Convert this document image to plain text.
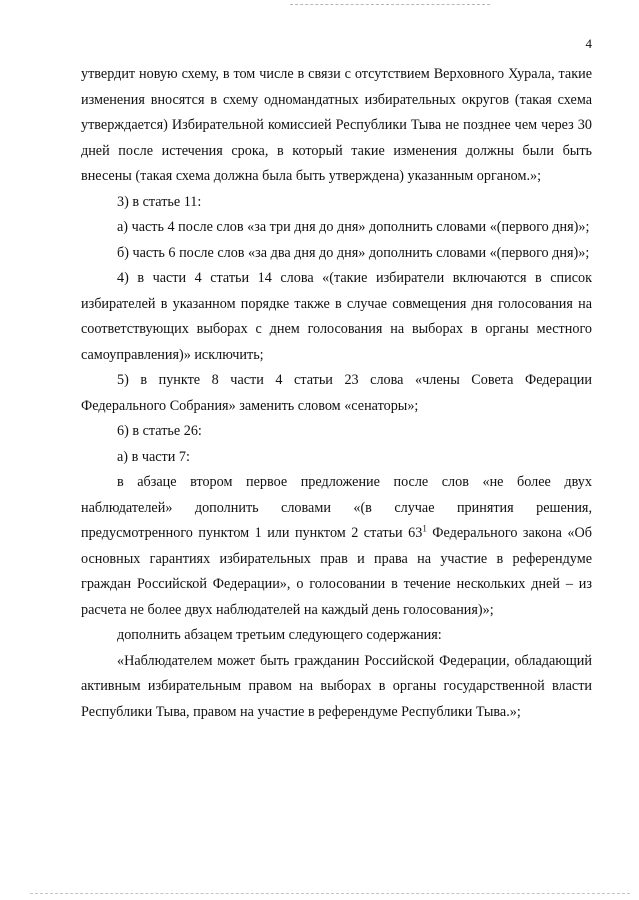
4

утвердит новую схему, в том числе в связи с отсутствием Верховного Хурала, такие изменения вносятся в схему одномандатных избирательных округов (такая схема утверждается) Избирательной комиссией Республики Тыва не позднее чем через 30 дней после истечения срока, в который такие изменения должны были быть внесены (такая схема должна была быть утверждена) указанным органом.»;

3) в статье 11:

а) часть 4 после слов «за три дня до дня» дополнить словами «(первого дня)»;

б) часть 6 после слов «за два дня до дня» дополнить словами «(первого дня)»;

4) в части 4 статьи 14 слова «(такие избиратели включаются в список избирателей в указанном порядке также в случае совмещения дня голосования на соответствующих выборах с днем голосования на выборах в органы местного самоуправления)» исключить;

5) в пункте 8 части 4 статьи 23 слова «члены Совета Федерации Федерального Собрания» заменить словом «сенаторы»;

6) в статье 26:

а) в части 7:

в абзаце втором первое предложение после слов «не более двух наблюдателей» дополнить словами «(в случае принятия решения, предусмотренного пунктом 1 или пунктом 2 статьи $63^1$ Федерального закона «Об основных гарантиях избирательных прав и права на участие в референдуме граждан Российской Федерации», о голосовании в течение нескольких дней – из расчета не более двух наблюдателей на каждый день голосования)»;

дополнить абзацем третьим следующего содержания:

«Наблюдателем может быть гражданин Российской Федерации, обладающий активным избирательным правом на выборах в органы государственной власти Республики Тыва, правом на участие в референдуме Республики Тыва.»;
